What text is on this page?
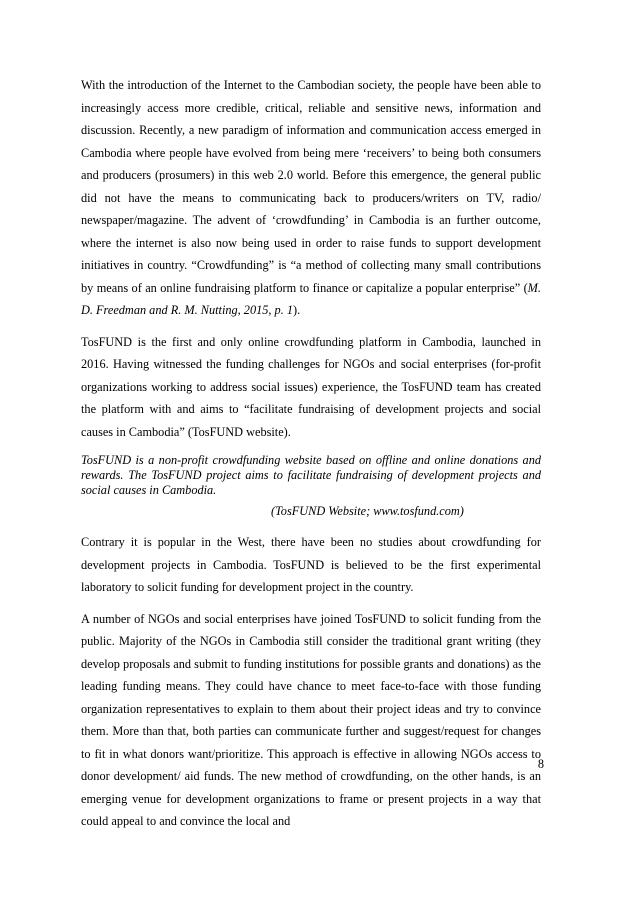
With the introduction of the Internet to the Cambodian society, the people have been able to increasingly access more credible, critical, reliable and sensitive news, information and discussion. Recently, a new paradigm of information and communication access emerged in Cambodia where people have evolved from being mere ‘receivers’ to being both consumers and producers (prosumers) in this web 2.0 world. Before this emergence, the general public did not have the means to communicating back to producers/writers on TV, radio/ newspaper/magazine. The advent of ‘crowdfunding’ in Cambodia is an further outcome, where the internet is also now being used in order to raise funds to support development initiatives in country. “Crowdfunding” is “a method of collecting many small contributions by means of an online fundraising platform to finance or capitalize a popular enterprise” (M. D. Freedman and R. M. Nutting, 2015, p. 1).

TosFUND is the first and only online crowdfunding platform in Cambodia, launched in 2016. Having witnessed the funding challenges for NGOs and social enterprises (for-profit organizations working to address social issues) experience, the TosFUND team has created the platform with and aims to “facilitate fundraising of development projects and social causes in Cambodia” (TosFUND website).

TosFUND is a non-profit crowdfunding website based on offline and online donations and rewards. The TosFUND project aims to facilitate fundraising of development projects and social causes in Cambodia.

(TosFUND Website; www.tosfund.com)

Contrary it is popular in the West, there have been no studies about crowdfunding for development projects in Cambodia. TosFUND is believed to be the first experimental laboratory to solicit funding for development project in the country.

A number of NGOs and social enterprises have joined TosFUND to solicit funding from the public. Majority of the NGOs in Cambodia still consider the traditional grant writing (they develop proposals and submit to funding institutions for possible grants and donations) as the leading funding means. They could have chance to meet face-to-face with those funding organization representatives to explain to them about their project ideas and try to convince them. More than that, both parties can communicate further and suggest/request for changes to fit in what donors want/prioritize. This approach is effective in allowing NGOs access to donor development/ aid funds. The new method of crowdfunding, on the other hands, is an emerging venue for development organizations to frame or present projects in a way that could appeal to and convince the local and

8
